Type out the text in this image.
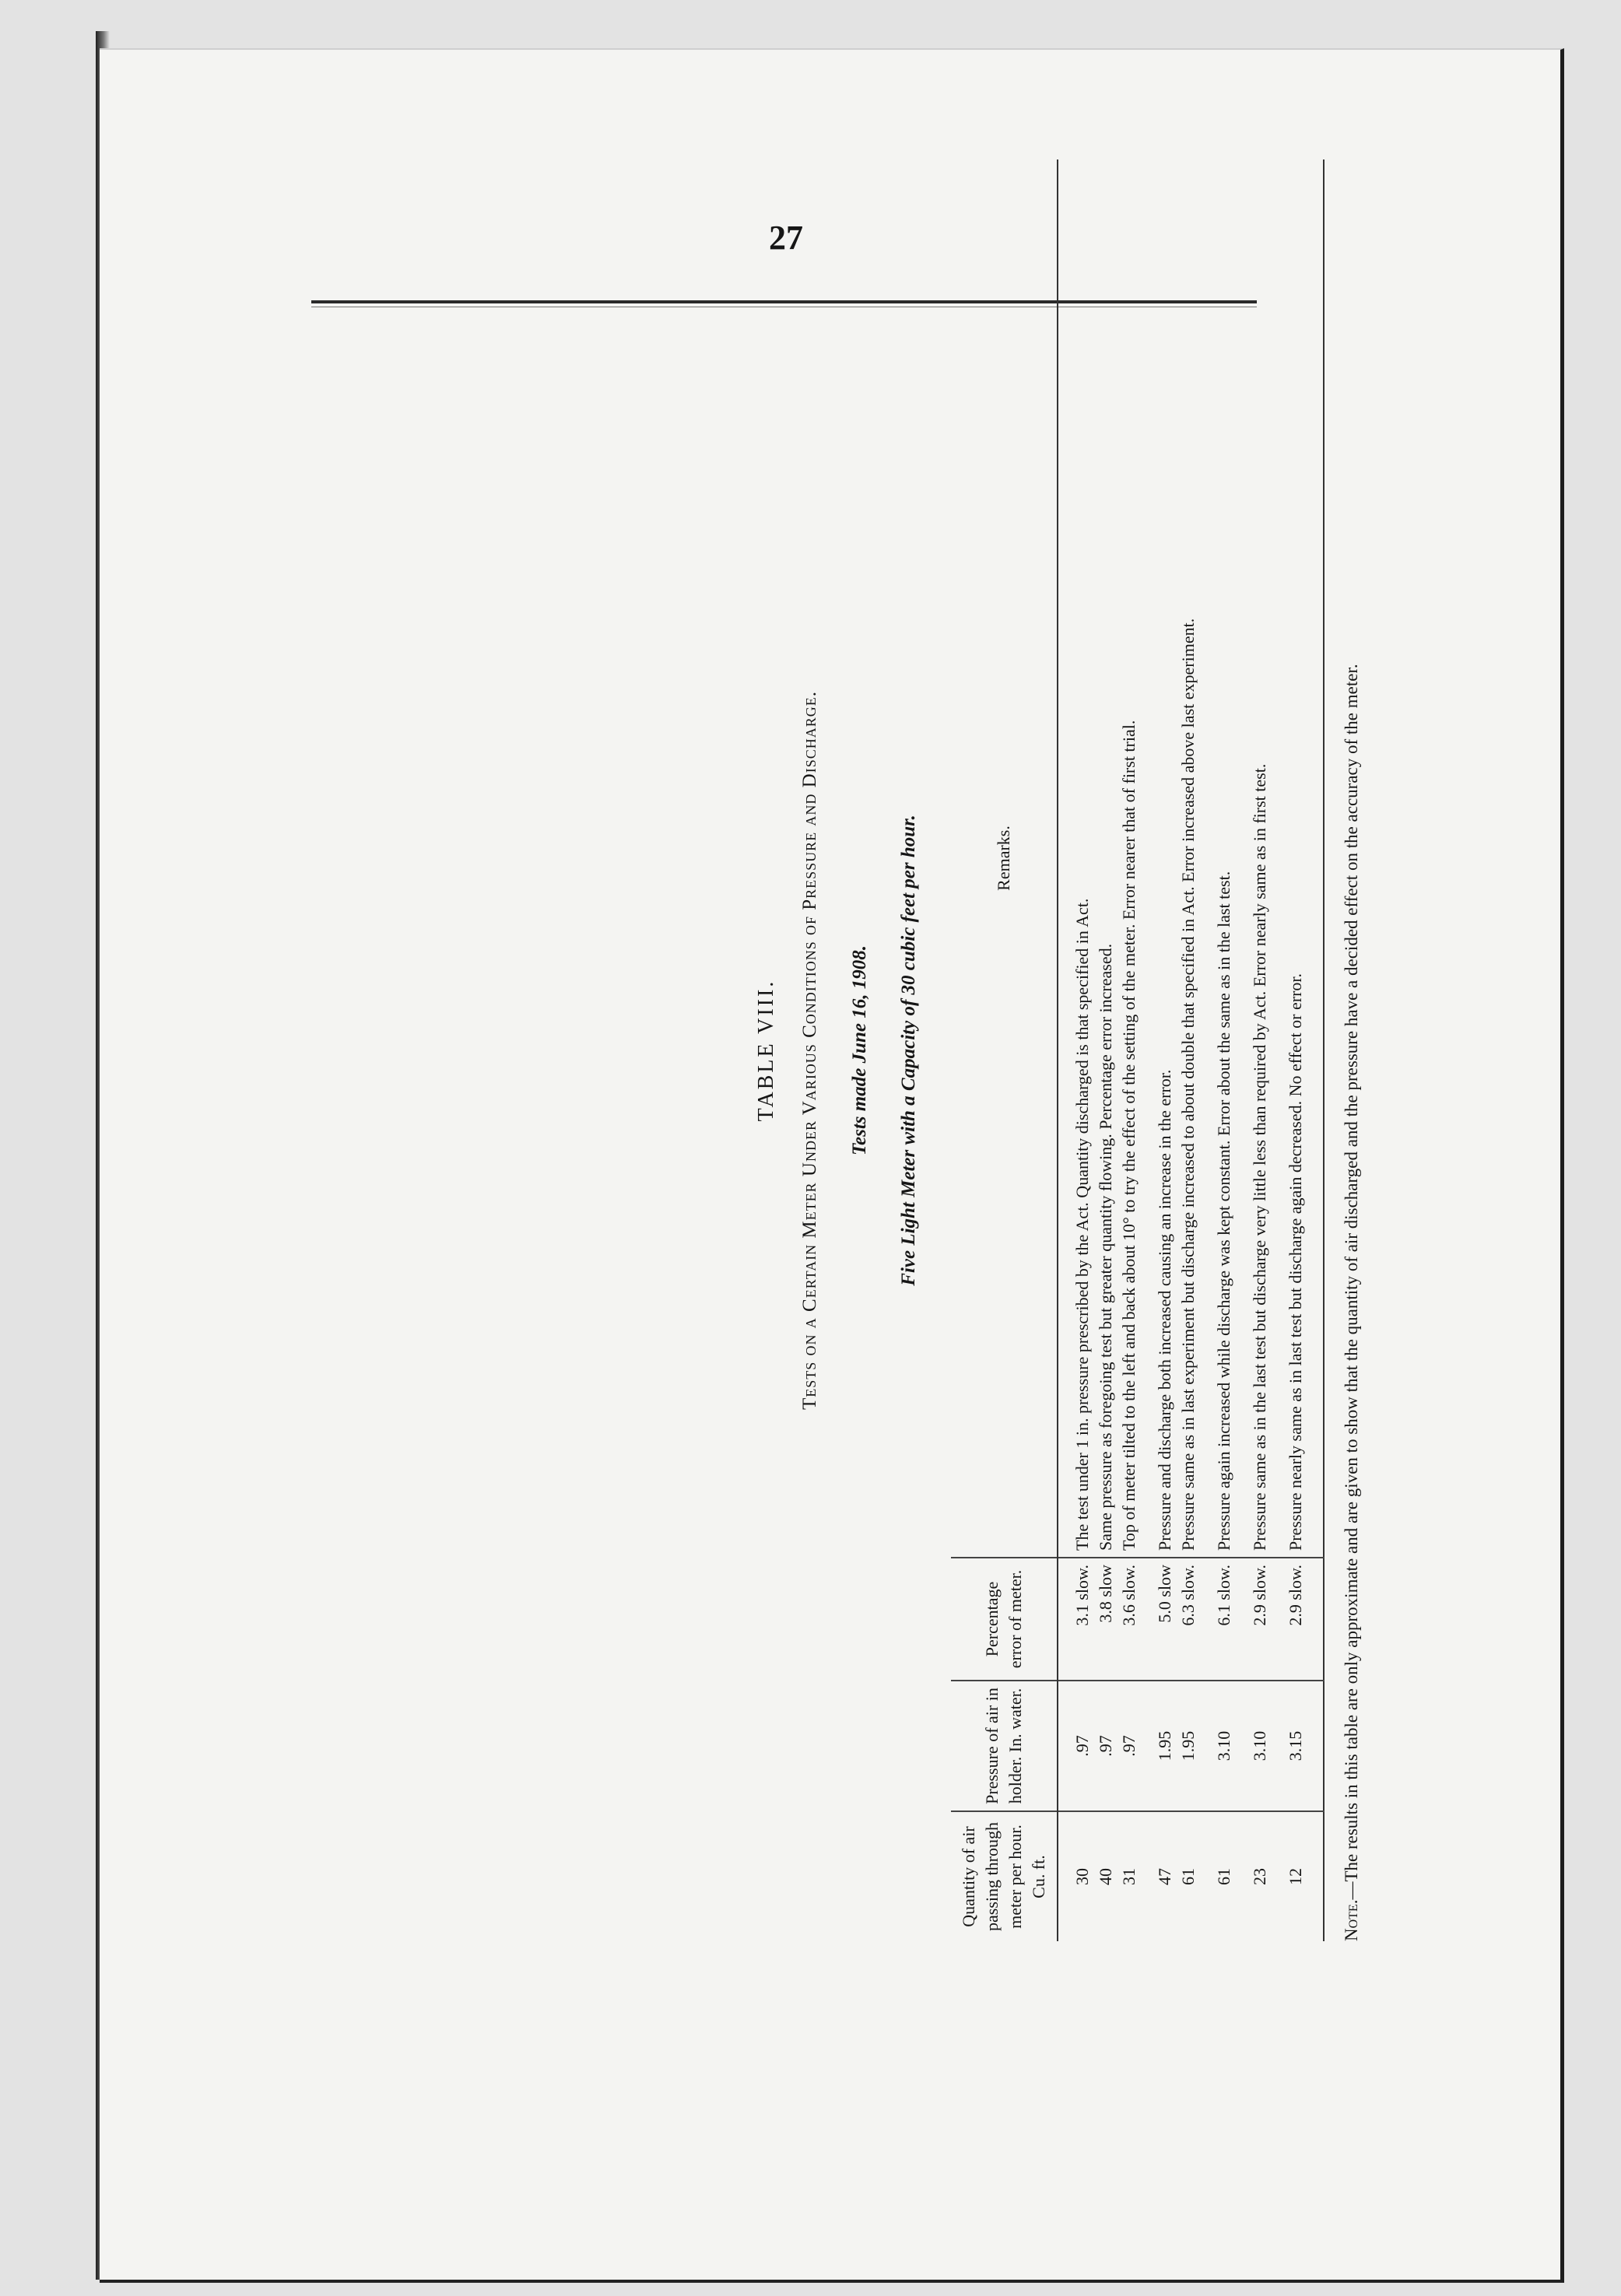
27
TABLE VIII.	Tests on a Certain Meter Under Various Conditions of Pressure and Discharge.	Tests made June 16, 1908.	Five Light Meter with a Capacity of 30 cubic feet per hour.
Quantity of air passing through meter per hour. Cu. ft.	Pressure of air in holder. In. water.	Percentage error of meter.	Remarks.
30	.97	3.1 slow.	The test under 1 in. pressure prescribed by the Act. Quantity discharged is that specified in Act.
40	.97	3.8 slow	Same pressure as foregoing test but greater quantity flowing. Percentage error increased.
31	.97	3.6 slow.	Top of meter tilted to the left and back about 10° to try the effect of the setting of the meter. Error nearer that of first trial.
47	1.95	5.0 slow	Pressure and discharge both increased causing an increase in the error.
61	1.95	6.3 slow.	Pressure same as in last experiment but discharge increased to about double that specified in Act. Error increased above last experiment.
61	3.10	6.1 slow.	Pressure again increased while discharge was kept constant. Error about the same as in the last test.
23	3.10	2.9 slow.	Pressure same as in the last test but discharge very little less than required by Act. Error nearly same as in first test.
12	3.15	2.9 slow.	Pressure nearly same as in last test but discharge again decreased. No effect or error.
Note.—The results in this table are only approximate and are given to show that the quantity of air discharged and the pressure have a decided effect on the accuracy of the meter.
